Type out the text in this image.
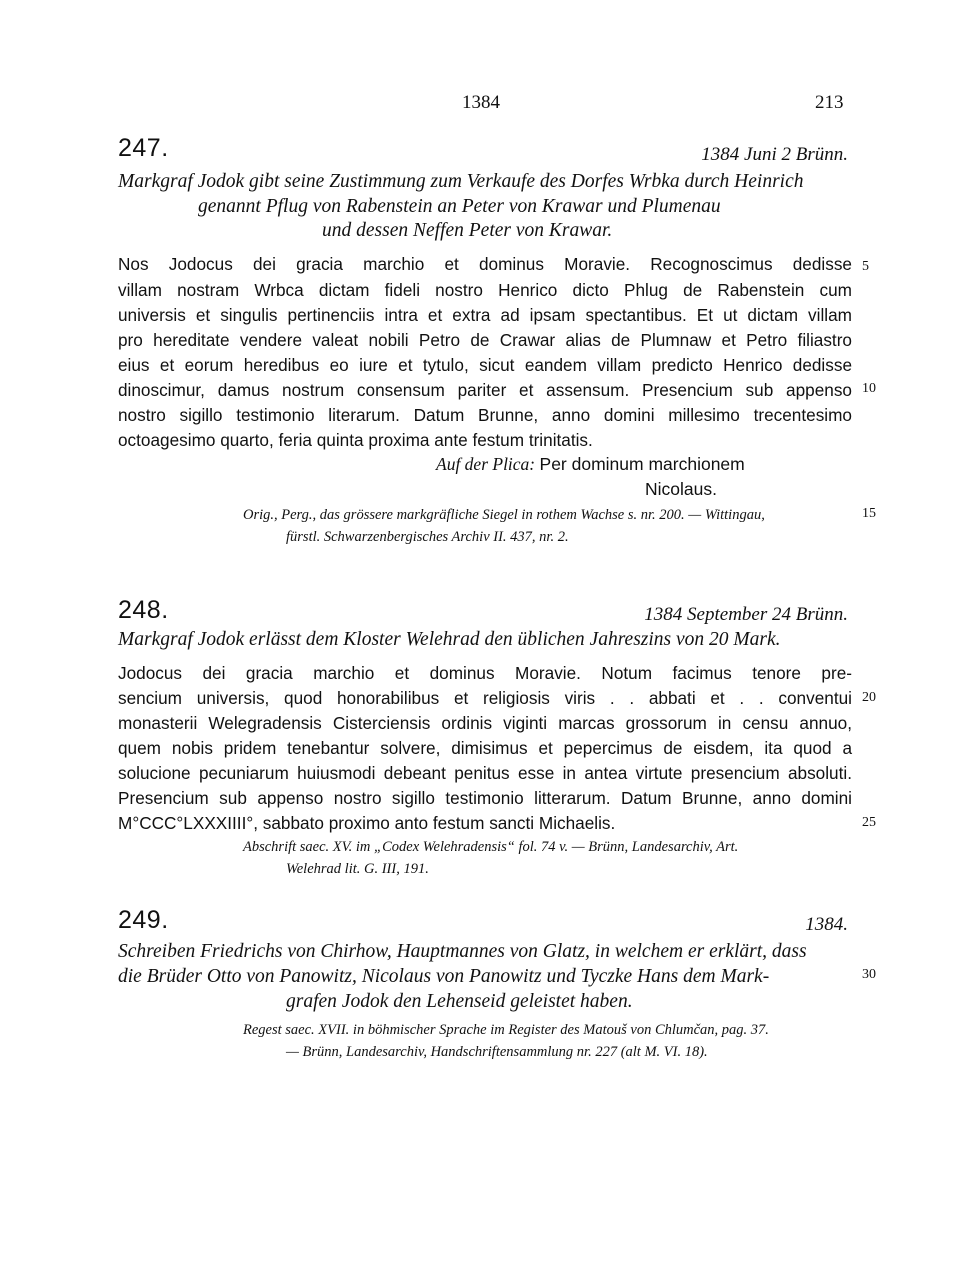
1384	213
247.	1384 Juni 2 Brünn.
Markgraf Jodok gibt seine Zustimmung zum Verkaufe des Dorfes Wrbka durch Heinrich
genannt Pflug von Rabenstein an Peter von Krawar und Plumenau
und dessen Neffen Peter von Krawar.
Nos Jodocus dei gracia marchio et dominus Moravie. Recognoscimus dedisse
villam nostram Wrbca dictam fideli nostro Henrico dicto Phlug de Rabenstein cum
universis et singulis pertinenciis intra et extra ad ipsam spectantibus. Et ut dictam villam
pro hereditate vendere valeat nobili Petro de Crawar alias de Plumnaw et Petro filiastro
eius et eorum heredibus eo iure et tytulo, sicut eandem villam predicto Henrico dedisse
dinoscimur, damus nostrum consensum pariter et assensum. Presencium sub appenso
nostro sigillo testimonio literarum. Datum Brunne, anno domini millesimo trecentesimo
octoagesimo quarto, feria quinta proxima ante festum trinitatis.
Auf der Plica: Per dominum marchionem
Nicolaus.
Orig., Perg., das grössere markgräfliche Siegel in rothem Wachse s. nr. 200. — Wittingau,
fürstl. Schwarzenbergisches Archiv II. 437, nr. 2.
248.	1384 September 24 Brünn.
Markgraf Jodok erlässt dem Kloster Welehrad den üblichen Jahreszins von 20 Mark.
Jodocus dei gracia marchio et dominus Moravie. Notum facimus tenore pre-
sencium universis, quod honorabilibus et religiosis viris . . abbati et . . conventui
monasterii Welegradensis Cisterciensis ordinis viginti marcas grossorum in censu annuo,
quem nobis pridem tenebantur solvere, dimisimus et pepercimus de eisdem, ita quod a
solucione pecuniarum huiusmodi debeant penitus esse in antea virtute presencium absoluti.
Presencium sub appenso nostro sigillo testimonio litterarum. Datum Brunne, anno domini
M°CCC°LXXXIIII°, sabbato proximo anto festum sancti Michaelis.
Abschrift saec. XV. im „Codex Welehradensis“ fol. 74 v. — Brünn, Landesarchiv, Art.
Welehrad lit. G. III, 191.
249.	1384.
Schreiben Friedrichs von Chirhow, Hauptmannes von Glatz, in welchem er erklärt, dass
die Brüder Otto von Panowitz, Nicolaus von Panowitz und Tyczke Hans dem Mark-
grafen Jodok den Lehenseid geleistet haben.
Regest saec. XVII. in böhmischer Sprache im Register des Matouš von Chlumčan, pag. 37.
— Brünn, Landesarchiv, Handschriftensammlung nr. 227 (alt M. VI. 18).
5
10
15
20
25
30
